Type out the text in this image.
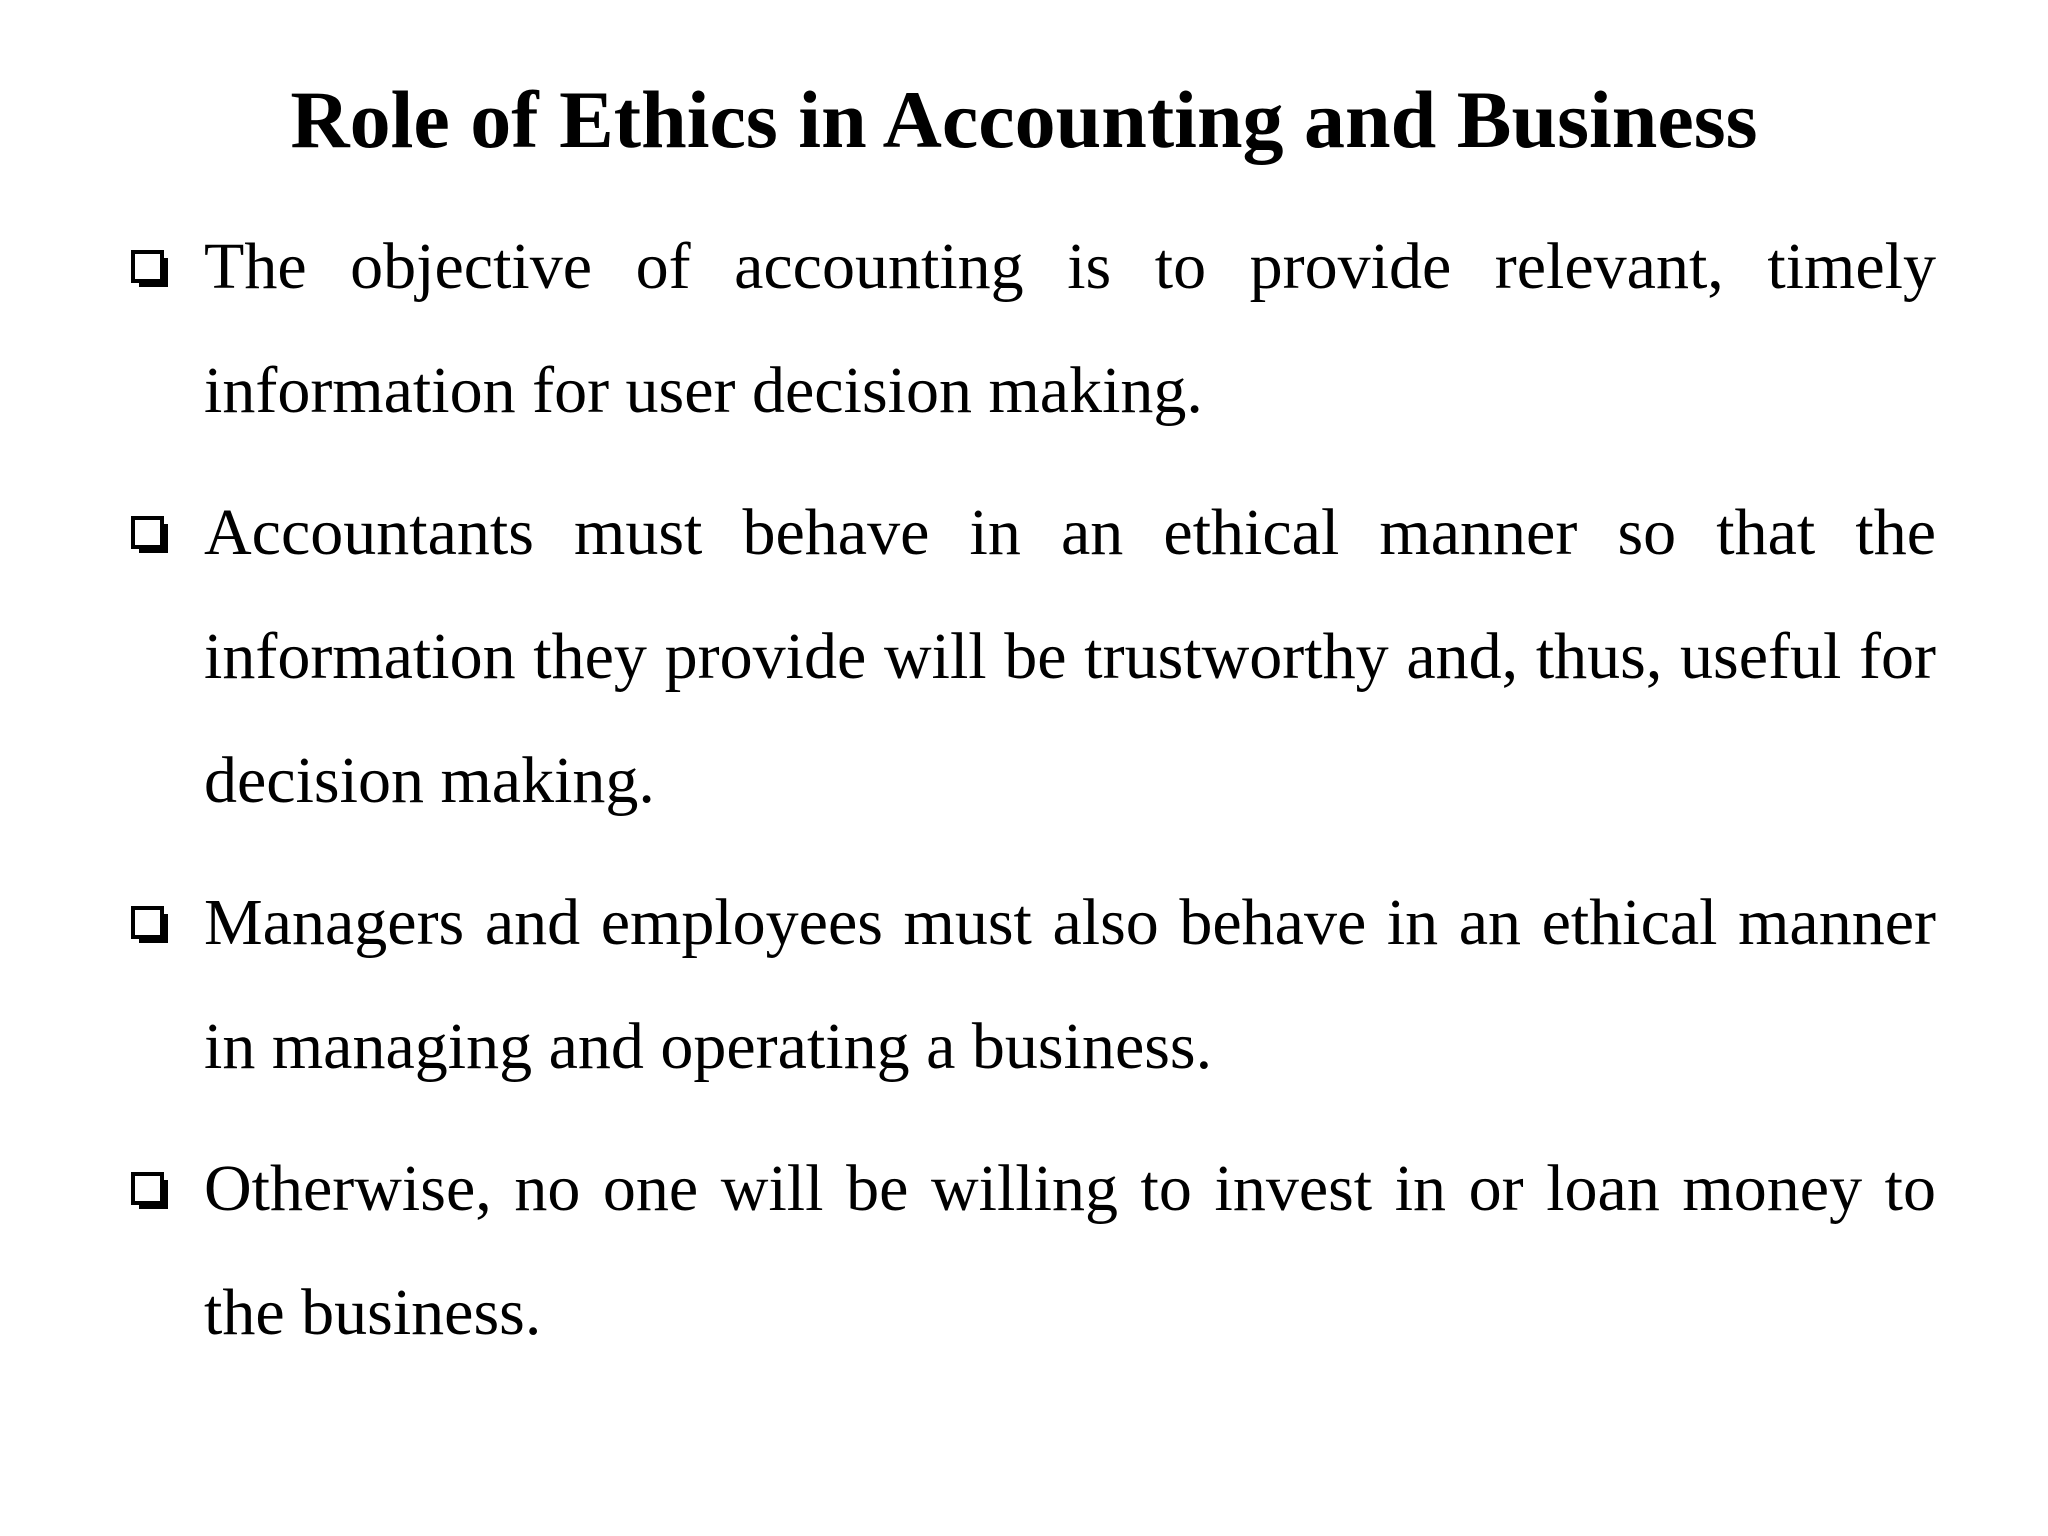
Role of Ethics in Accounting and Business
The objective of accounting is to provide relevant, timely information for user decision making.
Accountants must behave in an ethical manner so that the information they provide will be trustworthy and, thus, useful for decision making.
Managers and employees must also behave in an ethical manner in managing and operating a business.
Otherwise, no one will be willing to invest in or loan money to the business.
